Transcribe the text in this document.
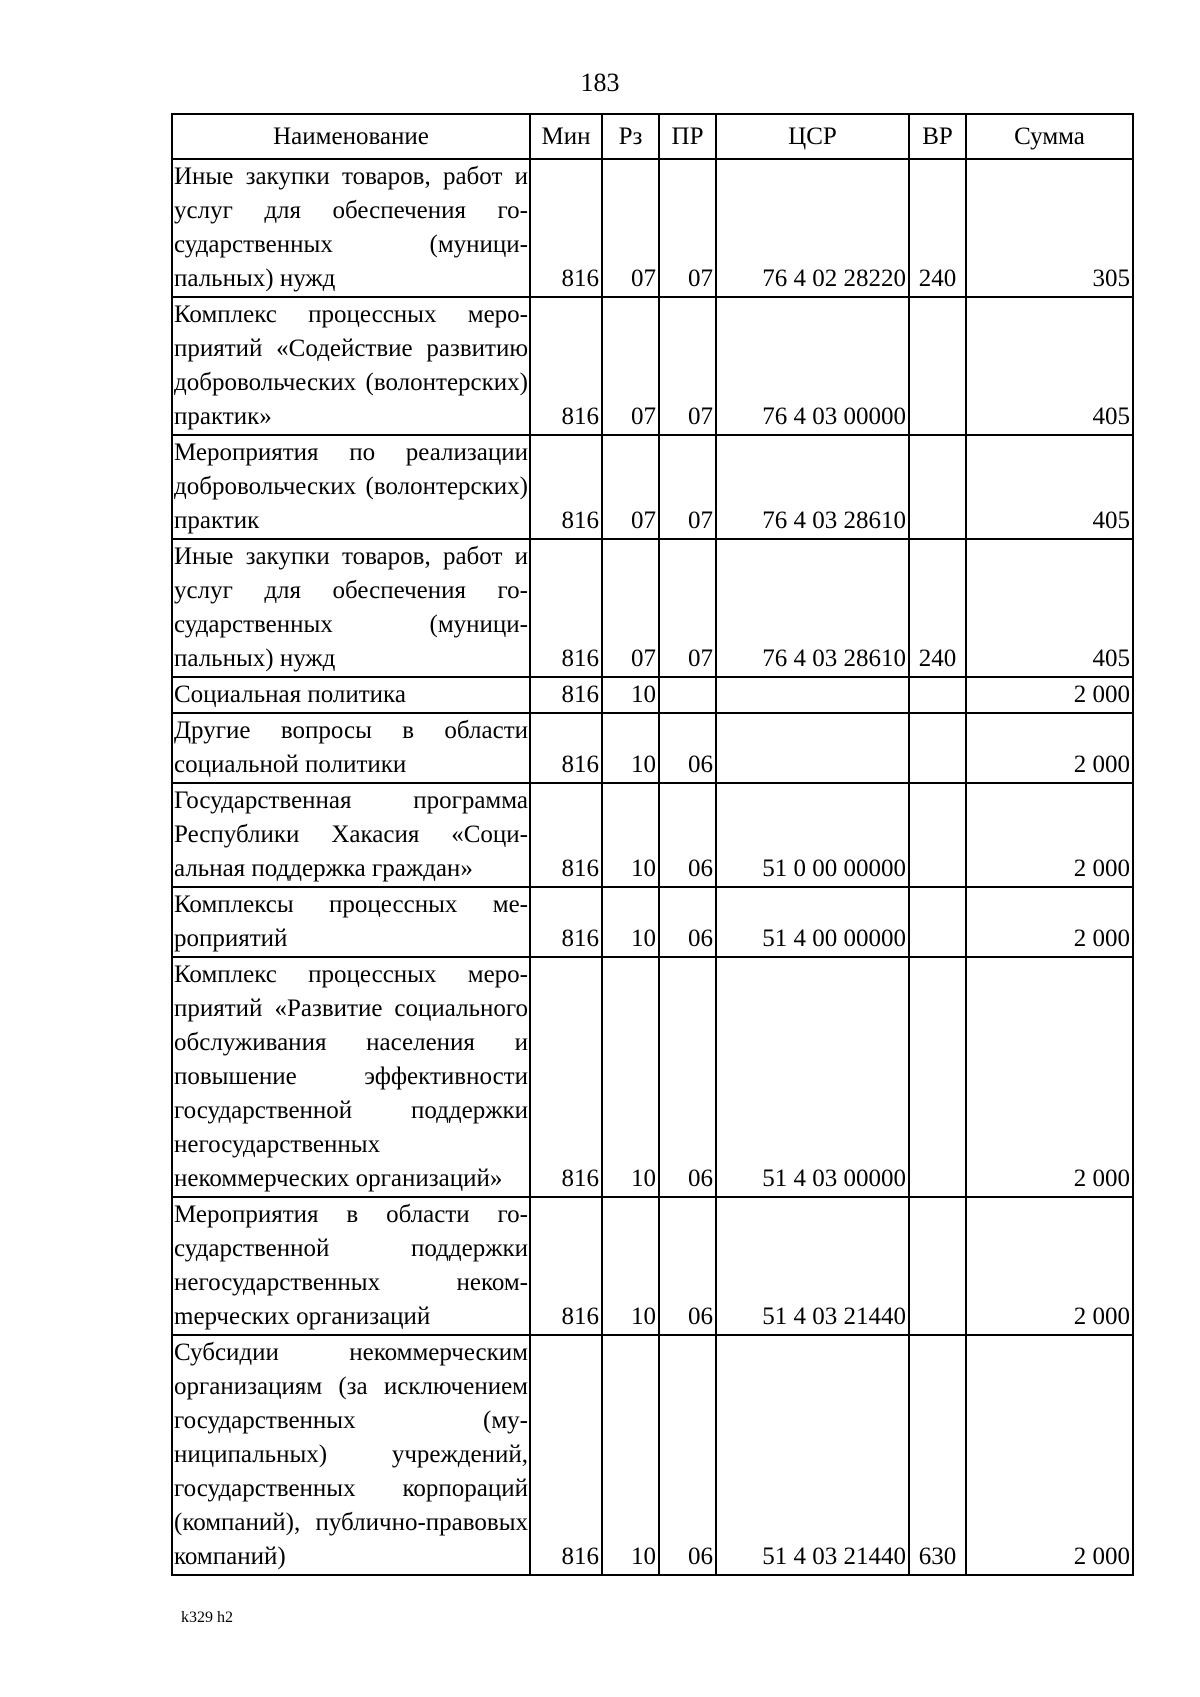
183
Наименование	Мин	Рз	ПР	ЦСР	ВР	Сумма
Иные закупки товаров, работ и услуг для обеспечения государственных (муниципальных) нужд	816	07	07	76 4 02 28220	240	305
Комплекс процессных мероприятий «Содействие развитию добровольческих (волонтерских) практик»	816	07	07	76 4 03 00000		405
Мероприятия по реализации добровольческих (волонтерских) практик	816	07	07	76 4 03 28610		405
Иные закупки товаров, работ и услуг для обеспечения государственных (муниципальных) нужд	816	07	07	76 4 03 28610	240	405
Социальная политика	816	10				2 000
Другие вопросы в области социальной политики	816	10	06			2 000
Государственная программа Республики Хакасия «Социальная поддержка граждан»	816	10	06	51 0 00 00000		2 000
Комплексы процессных мероприятий	816	10	06	51 4 00 00000		2 000
Комплекс процессных мероприятий «Развитие социального обслуживания населения и повышение эффективности государственной поддержки негосударственных некоммерческих организаций»	816	10	06	51 4 03 00000		2 000
Мероприятия в области государственной поддержки негосударственных некомmерческих организаций	816	10	06	51 4 03 21440		2 000
Субсидии некоммерческим организациям (за исключением государственных (муниципальных) учреждений, государственных корпораций (компаний), публично-правовых компаний)	816	10	06	51 4 03 21440	630	2 000
k329 h2
